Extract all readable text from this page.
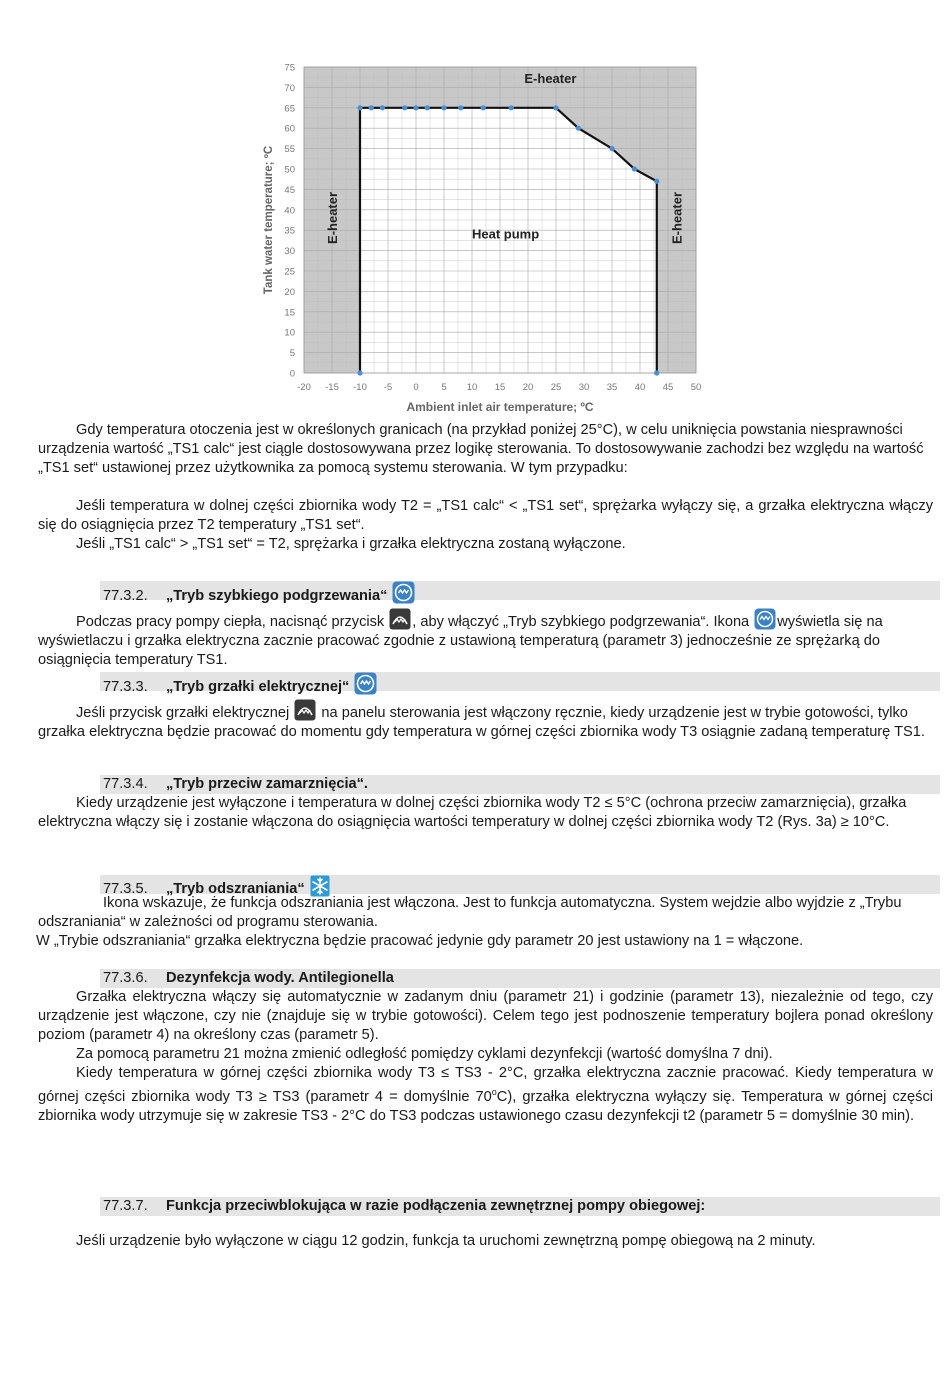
0
5
10
15
20
25
30
35
40
45
50
55
60
65
70
75
-20 -15 -10 -5 0 5 10 15 20 25 30 35 40 45 50
Ambient inlet air temperature; ºC
Tank water temperature; ºC
E-heater
E-heater	E-heater
Heat pump

Gdy temperatura otoczenia jest w określonych granicach (na przykład poniżej 25°C), w celu uniknięcia powstania niesprawności urządzenia wartość „TS1 calc“ jest ciągle dostosowywana przez logikę sterowania. To dostosowywanie zachodzi bez względu na wartość „TS1 set“ ustawionej przez użytkownika za pomocą systemu sterowania. W tym przypadku:

Jeśli temperatura w dolnej części zbiornika wody T2 = „TS1 calc“ < „TS1 set“, sprężarka wyłączy się, a grzałka elektryczna włączy się do osiągnięcia przez T2 temperatury „TS1 set“.

Jeśli „TS1 calc“ > „TS1 set“ = T2, sprężarka i grzałka elektryczna zostaną wyłączone.

77.3.2. „Tryb szybkiego podgrzewania“

Podczas pracy pompy ciepła, nacisnąć przycisk , aby włączyć „Tryb szybkiego podgrzewania“. Ikona wyświetla się na wyświetlaczu i grzałka elektryczna zacznie pracować zgodnie z ustawioną temperaturą (parametr 3) jednocześnie ze sprężarką do osiągnięcia temperatury TS1.

77.3.3. „Tryb grzałki elektrycznej“

Jeśli przycisk grzałki elektrycznej na panelu sterowania jest włączony ręcznie, kiedy urządzenie jest w trybie gotowości, tylko grzałka elektryczna będzie pracować do momentu gdy temperatura w górnej części zbiornika wody T3 osiągnie zadaną temperaturę TS1.

77.3.4. „Tryb przeciw zamarznięcia“.

Kiedy urządzenie jest wyłączone i temperatura w dolnej części zbiornika wody T2 ≤ 5°C (ochrona przeciw zamarznięcia), grzałka elektryczna włączy się i zostanie włączona do osiągnięcia wartości temperatury w dolnej części zbiornika wody T2 (Rys. 3a) ≥ 10°C.

77.3.5. „Tryb odszraniania“

Ikona wskazuje, że funkcja odszraniania jest włączona. Jest to funkcja automatyczna. System wejdzie albo wyjdzie z „Trybu odszraniania“ w zależności od programu sterowania.

W „Trybie odszraniania“ grzałka elektryczna będzie pracować jedynie gdy parametr 20 jest ustawiony na 1 = włączone.

77.3.6. Dezynfekcja wody. Antilegionella

Grzałka elektryczna włączy się automatycznie w zadanym dniu (parametr 21) i godzinie (parametr 13), niezależnie od tego, czy urządzenie jest włączone, czy nie (znajduje się w trybie gotowości). Celem tego jest podnoszenie temperatury bojlera ponad określony poziom (parametr 4) na określony czas (parametr 5).

Za pomocą parametru 21 można zmienić odległość pomiędzy cyklami dezynfekcji (wartość domyślna 7 dni).

Kiedy temperatura w górnej części zbiornika wody T3 ≤ TS3 - 2°C, grzałka elektryczna zacznie pracować. Kiedy temperatura w górnej części zbiornika wody T3 ≥ TS3 (parametr 4 = domyślnie 70$^o$C), grzałka elektryczna wyłączy się. Temperatura w górnej części zbiornika wody utrzymuje się w zakresie TS3 - 2°C do TS3 podczas ustawionego czasu dezynfekcji t2 (parametr 5 = domyślnie 30 min).

77.3.7. Funkcja przeciwblokująca w razie podłączenia zewnętrznej pompy obiegowej:

Jeśli urządzenie było wyłączone w ciągu 12 godzin, funkcja ta uruchomi zewnętrzną pompę obiegową na 2 minuty.
